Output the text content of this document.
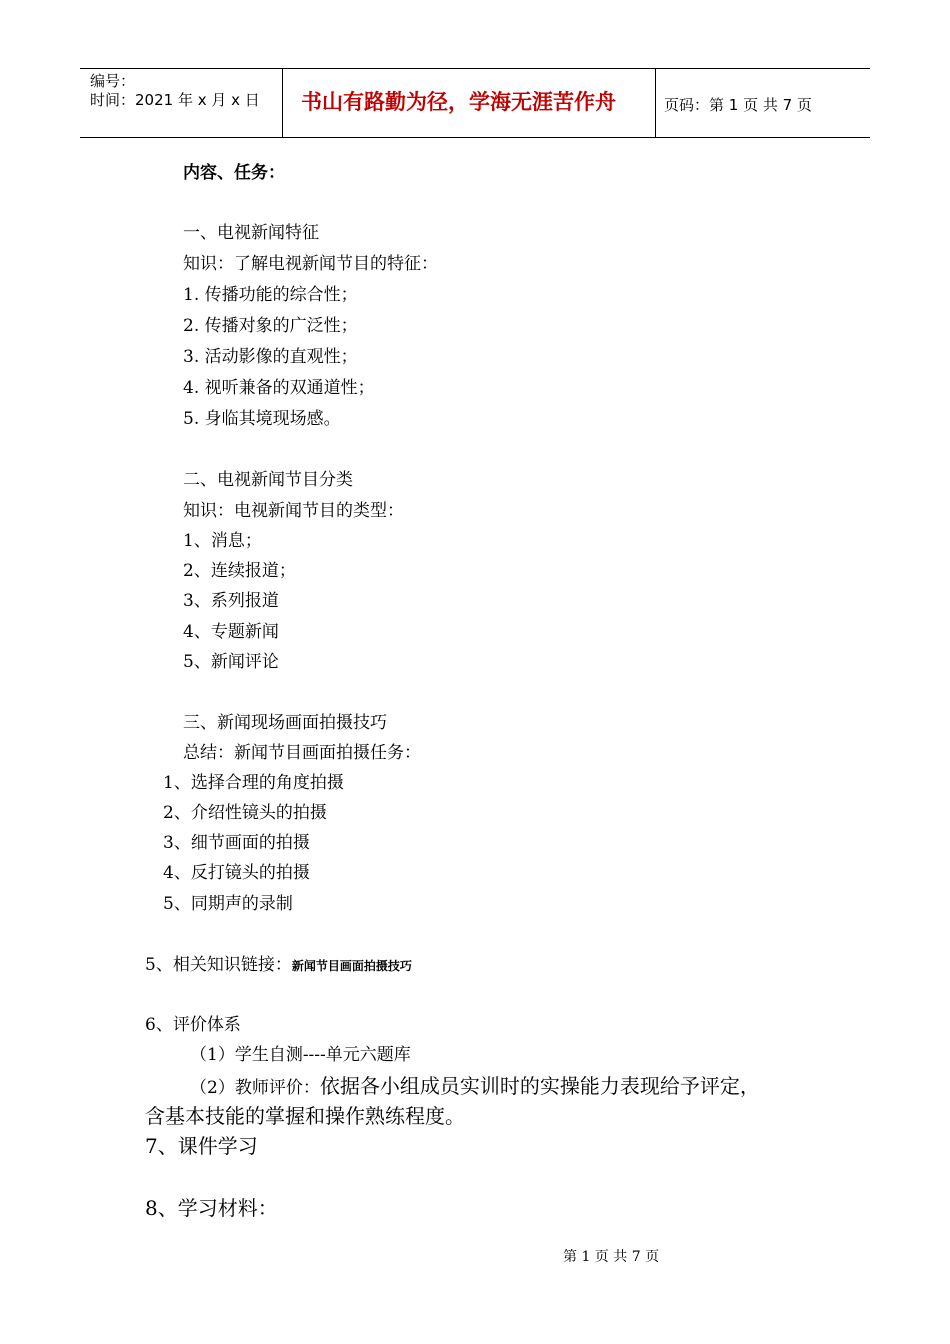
编号：
时间：2021 年 x 月 x 日 书山有路勤为径，学海无涯苦作舟	页码：第 1 页 共 7 页
内容、任务：
一、电视新闻特征
知识：了解电视新闻节目的特征：
1. 传播功能的综合性；
2. 传播对象的广泛性；
3. 活动影像的直观性；
4. 视听兼备的双通道性；
5. 身临其境现场感。
二、电视新闻节目分类
知识：电视新闻节目的类型：
1、消息；
2、连续报道；
3、系列报道
4、专题新闻
5、新闻评论
三、新闻现场画面拍摄技巧
总结：新闻节目画面拍摄任务：
1、选择合理的角度拍摄
2、介绍性镜头的拍摄
3、细节画面的拍摄
4、反打镜头的拍摄
5、同期声的录制
5、相关知识链接：新闻节目画面拍摄技巧
6、评价体系
（1）学生自测----单元六题库
（2）教师评价：依据各小组成员实训时的实操能力表现给予评定，
含基本技能的掌握和操作熟练程度。
7、课件学习
8、学习材料：
第 1 页 共 7 页
